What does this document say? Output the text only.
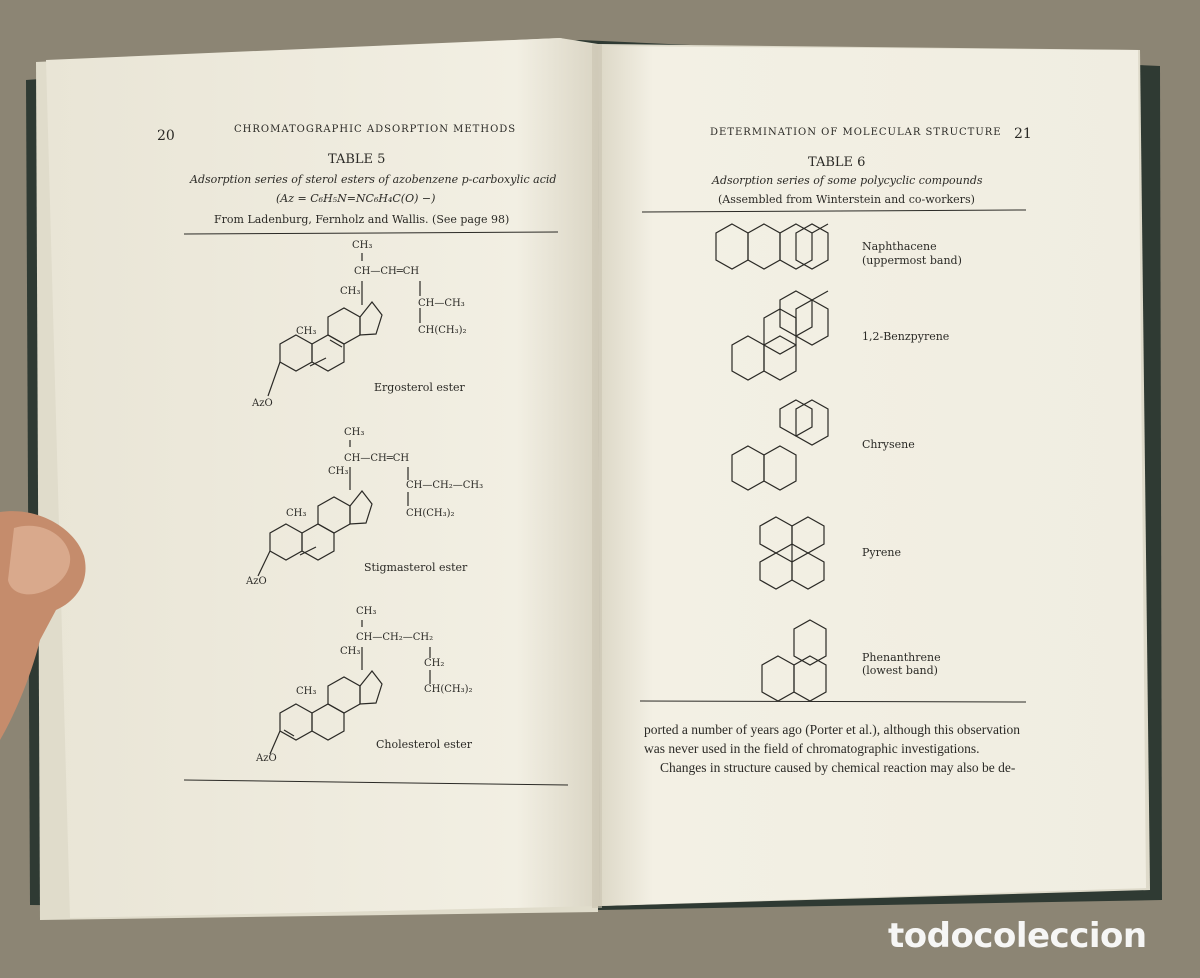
20	CHROMATOGRAPHIC ADSORPTION METHODS
TABLE 5
Adsorption series of sterol esters of azobenzene p-carboxylic acid
(Az = C₆H₅N=NC₆H₄C(O) −)
From Ladenburg, Fernholz and Wallis. (See page 98)
CH₃
CH—CH═CH
CH₃
CH₃
CH—CH₃
CH(CH₃)₂
AzO
Ergosterol ester
CH₃
CH—CH═CH
CH₃
CH₃
CH—CH₂—CH₃
CH(CH₃)₂
AzO
Stigmasterol ester
CH₃
CH—CH₂—CH₂
CH₃
CH₃
CH₂
CH(CH₃)₂
AzO
Cholesterol ester
DETERMINATION OF MOLECULAR STRUCTURE 21
TABLE 6
Adsorption series of some polycyclic compounds
(Assembled from Winterstein and co-workers)
Naphthacene
(uppermost band)
1,2-Benzpyrene
Chrysene
Pyrene
Phenanthrene
(lowest band)
ported a number of years ago (Porter et al.), although this observation
was never used in the field of chromatographic investigations.
Changes in structure caused by chemical reaction may also be de-
todocoleccion
